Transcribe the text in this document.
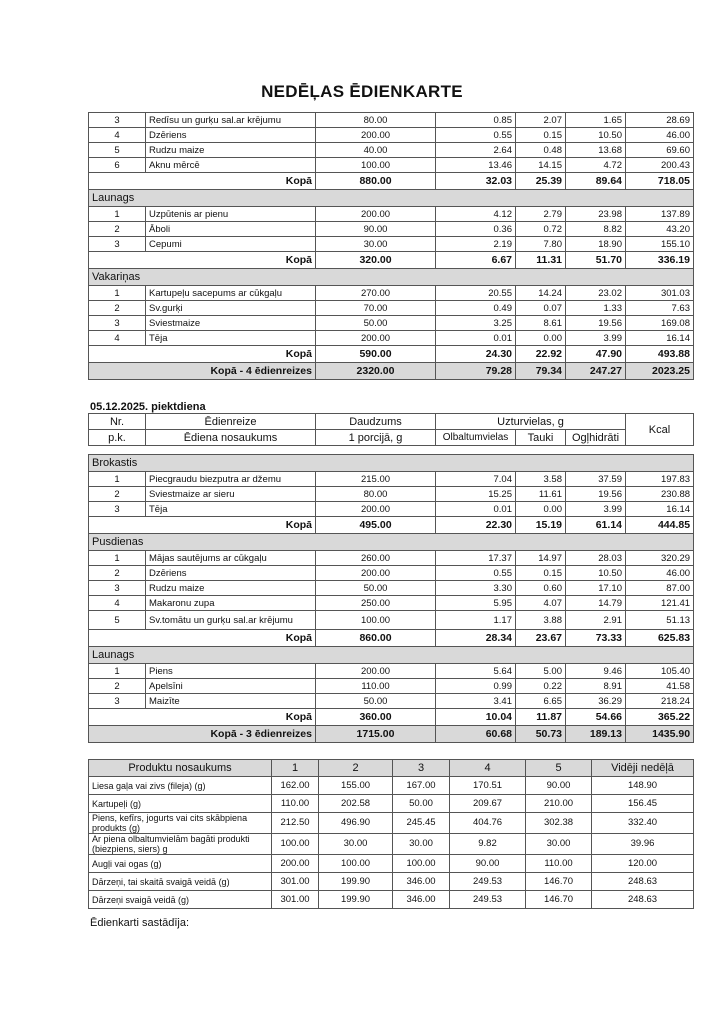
NEDĒĻAS ĒDIENKARTE
3	Redīsu un gurķu sal.ar krējumu	80.00	0.85	2.07	1.65	28.69
4	Dzēriens	200.00	0.55	0.15	10.50	46.00
5	Rudzu maize	40.00	2.64	0.48	13.68	69.60
6	Aknu mērcē	100.00	13.46	14.15	4.72	200.43
Kopā		880.00	32.03	25.39	89.64	718.05
Launags						
1	Uzpūtenis ar pienu	200.00	4.12	2.79	23.98	137.89
2	Āboli	90.00	0.36	0.72	8.82	43.20
3	Cepumi	30.00	2.19	7.80	18.90	155.10
Kopā		320.00	6.67	11.31	51.70	336.19
Vakariņas						
1	Kartupeļu sacepums ar cūkgaļu	270.00	20.55	14.24	23.02	301.03
2	Sv.gurķi	70.00	0.49	0.07	1.33	7.63
3	Sviestmaize	50.00	3.25	8.61	19.56	169.08
4	Tēja	200.00	0.01	0.00	3.99	16.14
Kopā		590.00	24.30	22.92	47.90	493.88
Kopā - 4 ēdienreizes		2320.00	79.28	79.34	247.27	2023.25
05.12.2025. piektdiena
Nr.	Ēdienreize	Daudzums	Uzturvielas, g			Kcal
p.k.	Ēdiena nosaukums	1 porcijā, g	Olbaltumvielas	Tauki	Ogļhidrāti	
Brokastis						
1	Piecgraudu biezputra ar džemu	215.00	7.04	3.58	37.59	197.83
2	Sviestmaize ar sieru	80.00	15.25	11.61	19.56	230.88
3	Tēja	200.00	0.01	0.00	3.99	16.14
Kopā		495.00	22.30	15.19	61.14	444.85
Pusdienas						
1	Mājas sautējums ar cūkgaļu	260.00	17.37	14.97	28.03	320.29
2	Dzēriens	200.00	0.55	0.15	10.50	46.00
3	Rudzu maize	50.00	3.30	0.60	17.10	87.00
4	Makaronu zupa	250.00	5.95	4.07	14.79	121.41
5	Sv.tomātu un gurķu sal.ar krējumu	100.00	1.17	3.88	2.91	51.13
Kopā		860.00	28.34	23.67	73.33	625.83
Launags						
1	Piens	200.00	5.64	5.00	9.46	105.40
2	Apelsīni	110.00	0.99	0.22	8.91	41.58
3	Maizīte	50.00	3.41	6.65	36.29	218.24
Kopā		360.00	10.04	11.87	54.66	365.22
Kopā - 3 ēdienreizes		1715.00	60.68	50.73	189.13	1435.90
Produktu nosaukums	1	2	3	4	5	Vidēji nedēļā
Liesa gaļa vai zivs (fileja) (g)	162.00	155.00	167.00	170.51	90.00	148.90
Kartupeļi (g)	110.00	202.58	50.00	209.67	210.00	156.45
Piens, kefīrs, jogurts vai cits skābpiena produkts (g)	212.50	496.90	245.45	404.76	302.38	332.40
Ar piena olbaltumvielām bagāti produkti (biezpiens, siers) g	100.00	30.00	30.00	9.82	30.00	39.96
Augļi vai ogas (g)	200.00	100.00	100.00	90.00	110.00	120.00
Dārzeņi, tai skaitā svaigā veidā (g)	301.00	199.90	346.00	249.53	146.70	248.63
Dārzeņi svaigā veidā (g)	301.00	199.90	346.00	249.53	146.70	248.63
Ēdienkarti sastādīja:
